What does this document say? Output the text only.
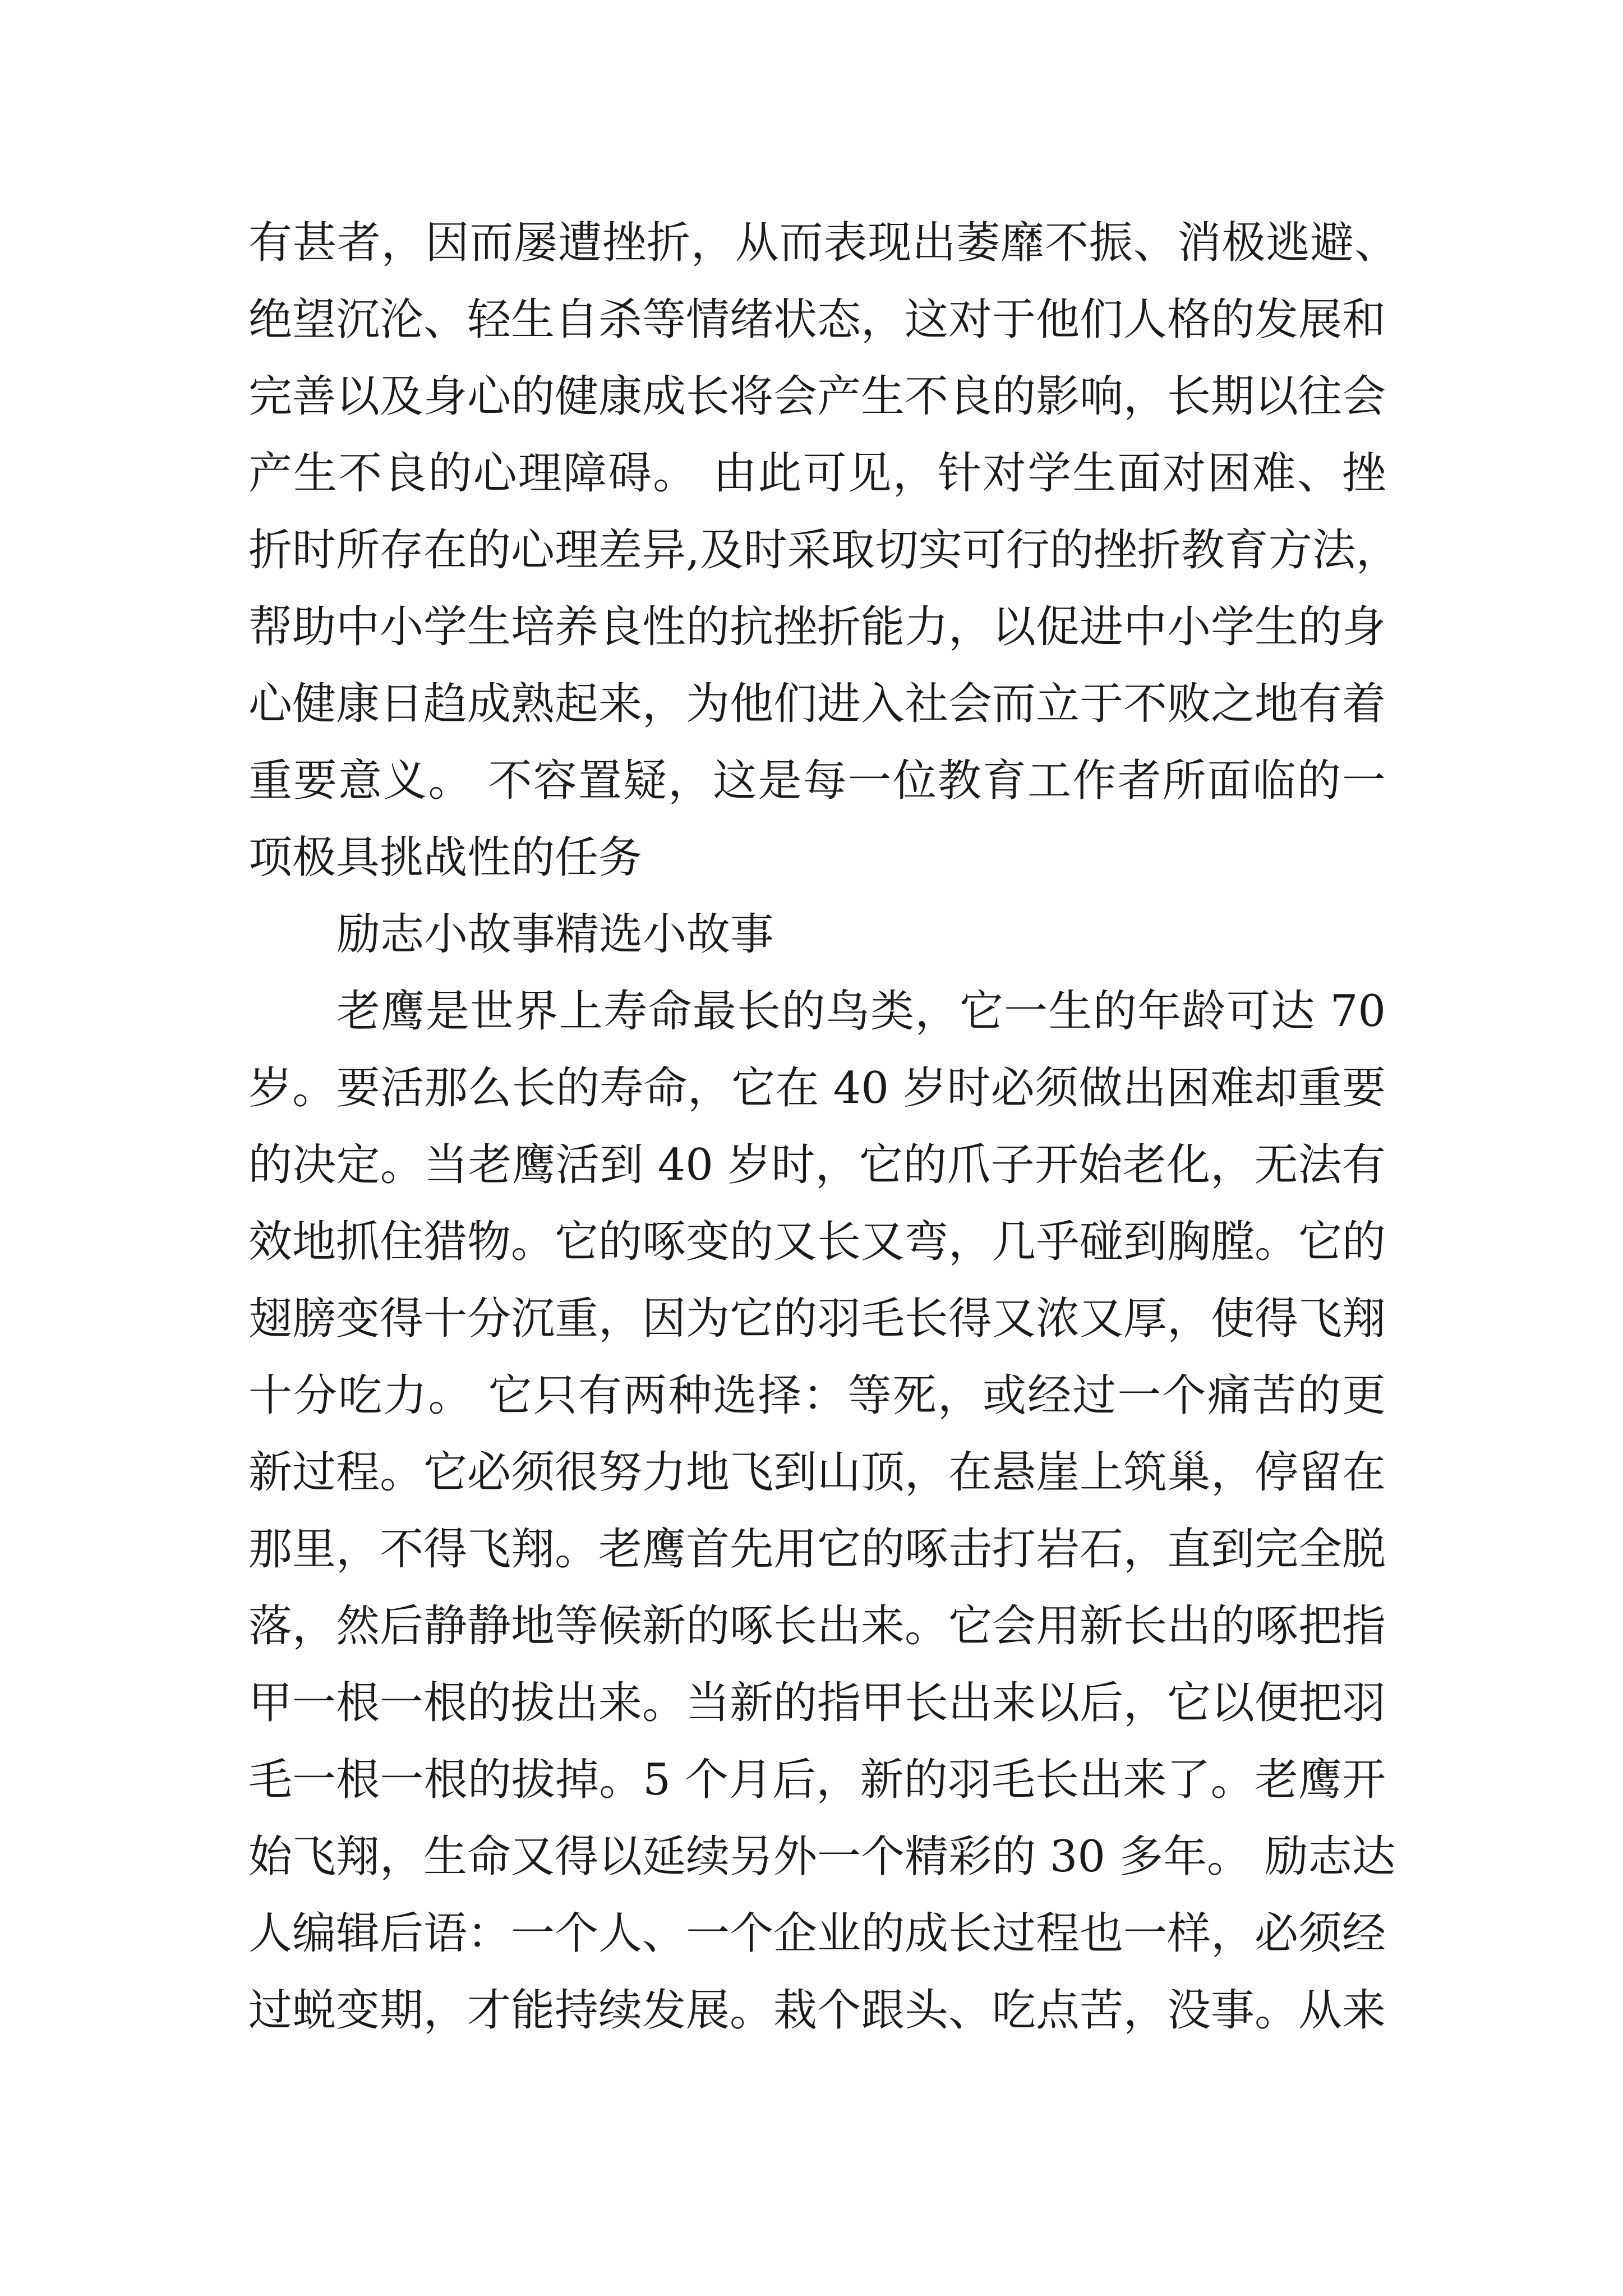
有甚者，因而屡遭挫折，从而表现出萎靡不振、消极逃避、
绝望沉沦、轻生自杀等情绪状态，这对于他们人格的发展和
完善以及身心的健康成长将会产生不良的影响，长期以往会
产生不良的心理障碍。 由此可见，针对学生面对困难、挫
折时所存在的心理差异,及时采取切实可行的挫折教育方法，
帮助中小学生培养良性的抗挫折能力，以促进中小学生的身
心健康日趋成熟起来，为他们进入社会而立于不败之地有着
重要意义。 不容置疑，这是每一位教育工作者所面临的一
项极具挑战性的任务
励志小故事精选小故事
老鹰是世界上寿命最长的鸟类，它一生的年龄可达 70
岁。要活那么长的寿命，它在 40 岁时必须做出困难却重要
的决定。当老鹰活到 40 岁时，它的爪子开始老化，无法有
效地抓住猎物。它的啄变的又长又弯，几乎碰到胸膛。它的
翅膀变得十分沉重，因为它的羽毛长得又浓又厚，使得飞翔
十分吃力。 它只有两种选择：等死，或经过一个痛苦的更
新过程。它必须很努力地飞到山顶，在悬崖上筑巢，停留在
那里，不得飞翔。老鹰首先用它的啄击打岩石，直到完全脱
落，然后静静地等候新的啄长出来。它会用新长出的啄把指
甲一根一根的拔出来。当新的指甲长出来以后，它以便把羽
毛一根一根的拔掉。5 个月后，新的羽毛长出来了。老鹰开
始飞翔，生命又得以延续另外一个精彩的 30 多年。 励志达
人编辑后语：一个人、一个企业的成长过程也一样，必须经
过蜕变期，才能持续发展。栽个跟头、吃点苦，没事。从来
